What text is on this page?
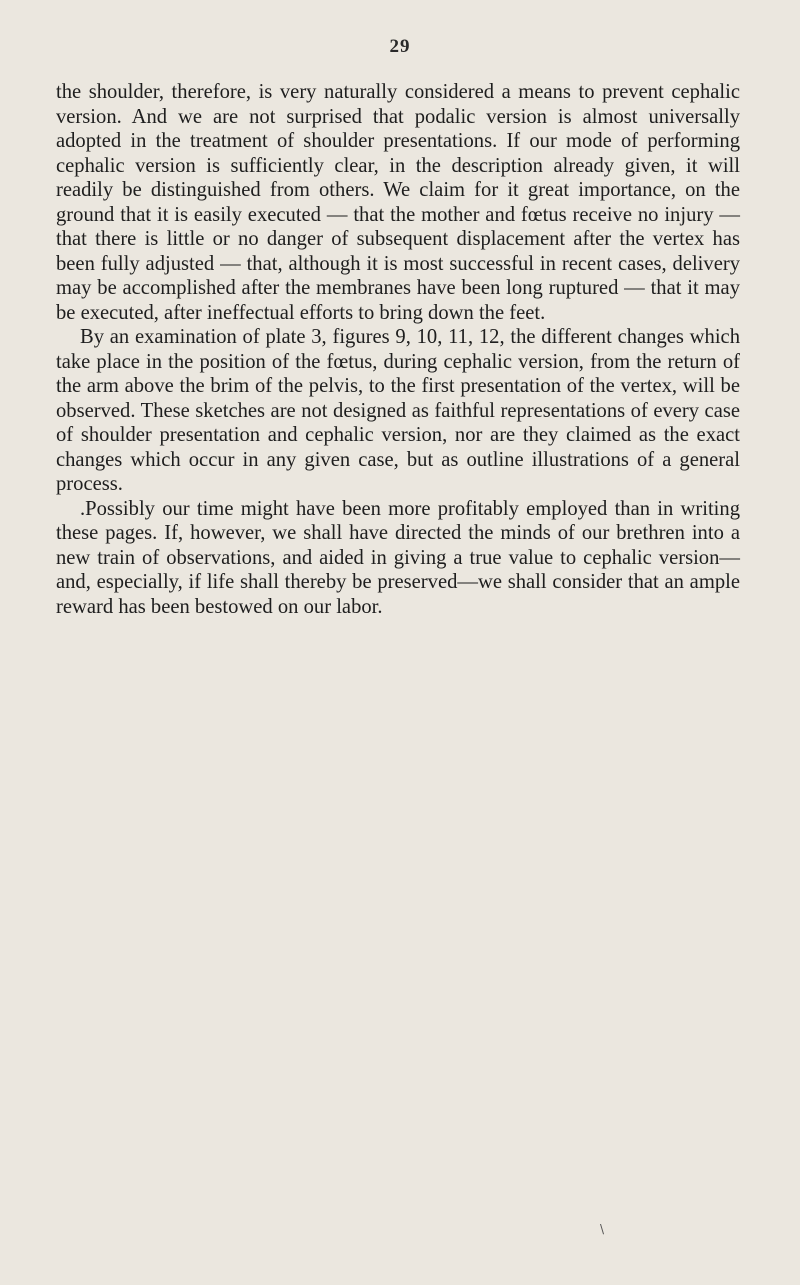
29

the shoulder, therefore, is very naturally considered a means to prevent cephalic version. And we are not surprised that podalic version is almost universally adopted in the treatment of shoulder presentations. If our mode of performing cephalic version is sufficiently clear, in the description already given, it will readily be distinguished from others. We claim for it great importance, on the ground that it is easily executed — that the mother and fœtus receive no injury — that there is little or no danger of subsequent displacement after the vertex has been fully adjusted — that, although it is most successful in recent cases, delivery may be accomplished after the membranes have been long ruptured — that it may be executed, after ineffectual efforts to bring down the feet.

By an examination of plate 3, figures 9, 10, 11, 12, the different changes which take place in the position of the fœtus, during cephalic version, from the return of the arm above the brim of the pelvis, to the first presentation of the vertex, will be observed. These sketches are not designed as faithful representations of every case of shoulder presentation and cephalic version, nor are they claimed as the exact changes which occur in any given case, but as outline illustrations of a general process.

.Possibly our time might have been more profitably employed than in writing these pages. If, however, we shall have directed the minds of our brethren into a new train of observations, and aided in giving a true value to cephalic version—and, especially, if life shall thereby be preserved—we shall consider that an ample reward has been bestowed on our labor.

\
